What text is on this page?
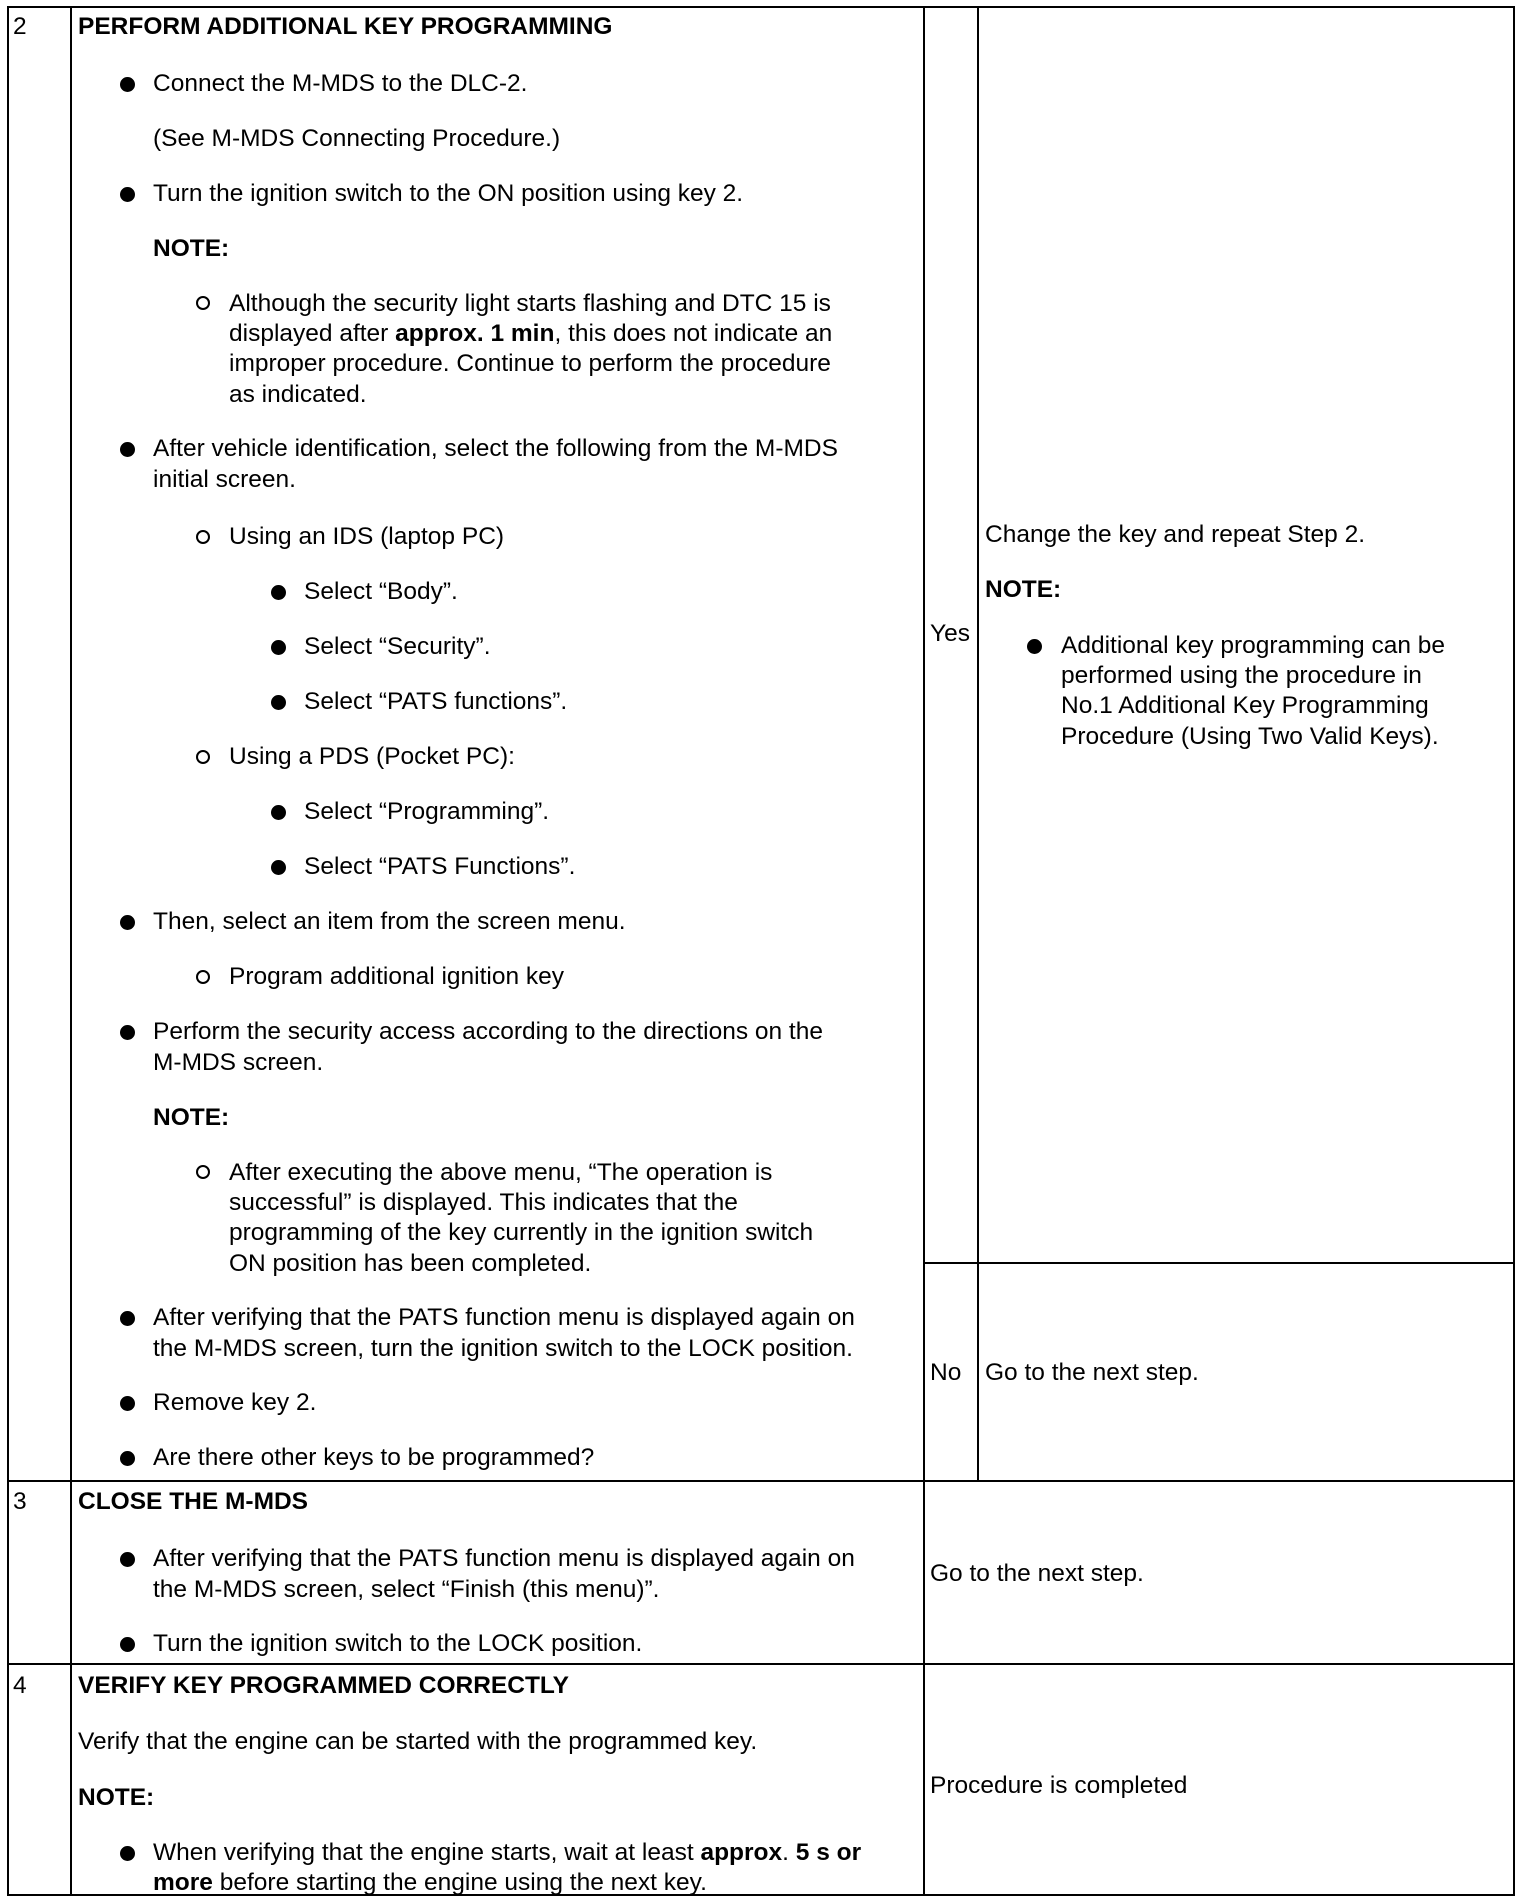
2 PERFORM ADDITIONAL KEY PROGRAMMING
Connect the M-MDS to the DLC-2.
(See M-MDS Connecting Procedure.)
Turn the ignition switch to the ON position using key 2.
NOTE:
Although the security light starts flashing and DTC 15 is
displayed after approx. 1 min, this does not indicate an
improper procedure. Continue to perform the procedure
as indicated.
After vehicle identification, select the following from the M-MDS
initial screen.
Using an IDS (laptop PC)
Select “Body”.
Select “Security”.
Select “PATS functions”.
Using a PDS (Pocket PC):
Select “Programming”.
Select “PATS Functions”.
Then, select an item from the screen menu.
Program additional ignition key
Perform the security access according to the directions on the
M-MDS screen.
NOTE:
After executing the above menu, “The operation is
successful” is displayed. This indicates that the
programming of the key currently in the ignition switch
ON position has been completed.
After verifying that the PATS function menu is displayed again on
the M-MDS screen, turn the ignition switch to the LOCK position.
Remove key 2.
Are there other keys to be programmed?
Yes
Change the key and repeat Step 2.
NOTE:
Additional key programming can be
performed using the procedure in
No.1 Additional Key Programming
Procedure (Using Two Valid Keys).
No Go to the next step.
3 CLOSE THE M-MDS
After verifying that the PATS function menu is displayed again on
the M-MDS screen, select “Finish (this menu)”.
Turn the ignition switch to the LOCK position.
Go to the next step.
4 VERIFY KEY PROGRAMMED CORRECTLY
Verify that the engine can be started with the programmed key.
NOTE:
When verifying that the engine starts, wait at least approx. 5 s or
more before starting the engine using the next key.
Procedure is completed
